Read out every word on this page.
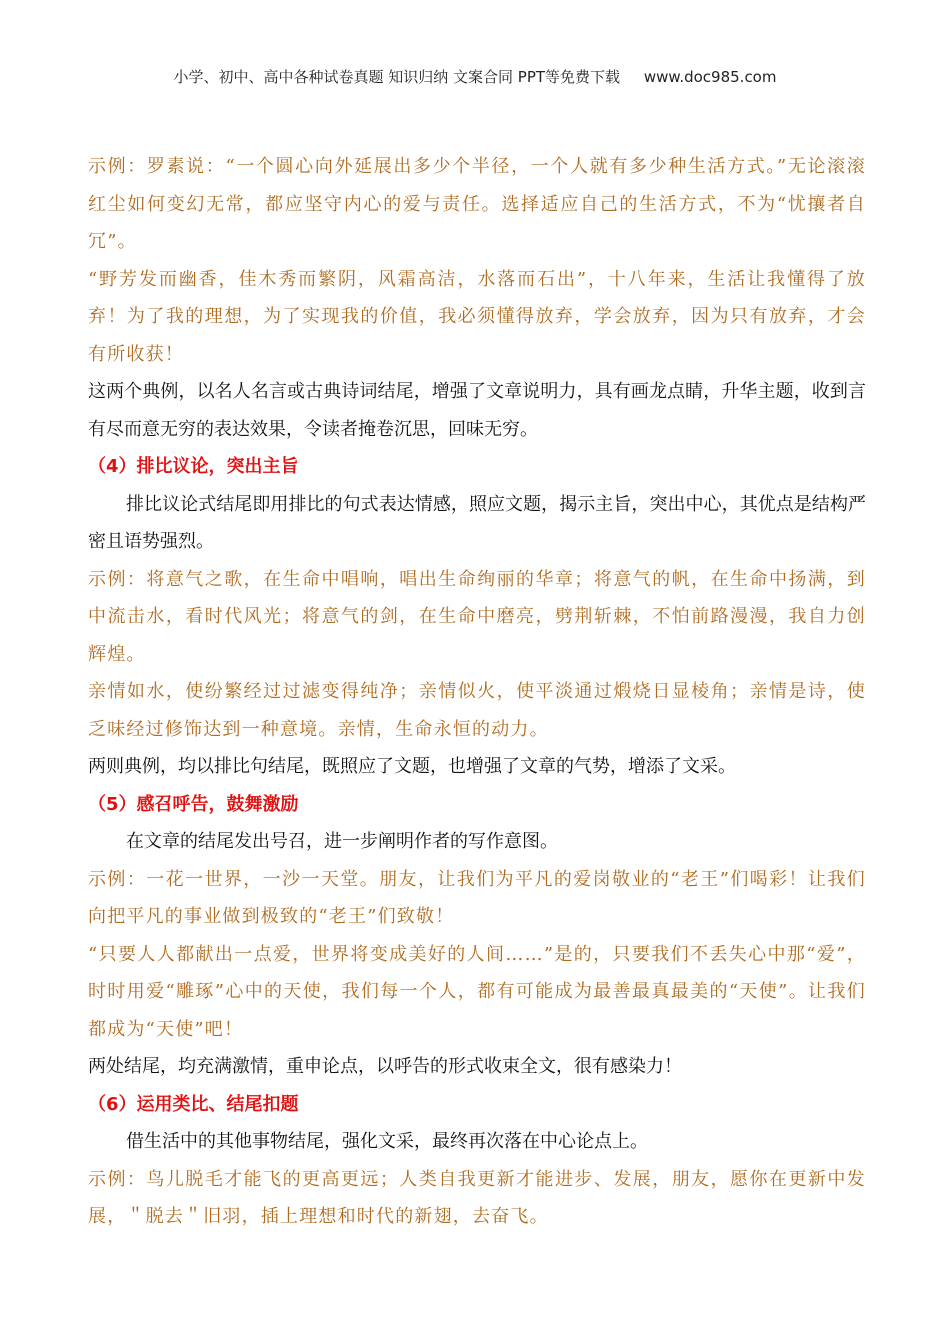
小学、初中、高中各种试卷真题 知识归纳 文案合同 PPT等免费下载     www.doc985.com

示例：罗素说：“一个圆心向外延展出多少个半径，一个人就有多少种生活方式。”无论滚滚红尘如何变幻无常，都应坚守内心的爱与责任。选择适应自己的生活方式，不为“忧攘者自冗”。

“野芳发而幽香，佳木秀而繁阴，风霜高洁，水落而石出”，十八年来，生活让我懂得了放弃！为了我的理想，为了实现我的价值，我必须懂得放弃，学会放弃，因为只有放弃，才会有所收获！

这两个典例，以名人名言或古典诗词结尾，增强了文章说明力，具有画龙点睛，升华主题，收到言有尽而意无穷的表达效果，令读者掩卷沉思，回味无穷。

（4）排比议论，突出主旨

排比议论式结尾即用排比的句式表达情感，照应文题，揭示主旨，突出中心，其优点是结构严密且语势强烈。

示例：将意气之歌，在生命中唱响，唱出生命绚丽的华章；将意气的帆，在生命中扬满，到中流击水，看时代风光；将意气的剑，在生命中磨亮，劈荆斩棘，不怕前路漫漫，我自力创辉煌。

亲情如水，使纷繁经过过滤变得纯净；亲情似火，使平淡通过煅烧日显棱角；亲情是诗，使乏味经过修饰达到一种意境。亲情，生命永恒的动力。

两则典例，均以排比句结尾，既照应了文题，也增强了文章的气势，增添了文采。

（5）感召呼告，鼓舞激励

在文章的结尾发出号召，进一步阐明作者的写作意图。

示例：一花一世界，一沙一天堂。朋友，让我们为平凡的爱岗敬业的“老王”们喝彩！让我们向把平凡的事业做到极致的“老王”们致敬！

“只要人人都献出一点爱，世界将变成美好的人间……”是的，只要我们不丢失心中那“爱”，时时用爱“雕琢”心中的天使，我们每一个人，都有可能成为最善最真最美的“天使”。让我们都成为“天使”吧！

两处结尾，均充满激情，重申论点，以呼告的形式收束全文，很有感染力！

（6）运用类比、结尾扣题

借生活中的其他事物结尾，强化文采，最终再次落在中心论点上。

示例：鸟儿脱毛才能飞的更高更远；人类自我更新才能进步、发展，朋友，愿你在更新中发展，＂脱去＂旧羽，插上理想和时代的新翅，去奋飞。
